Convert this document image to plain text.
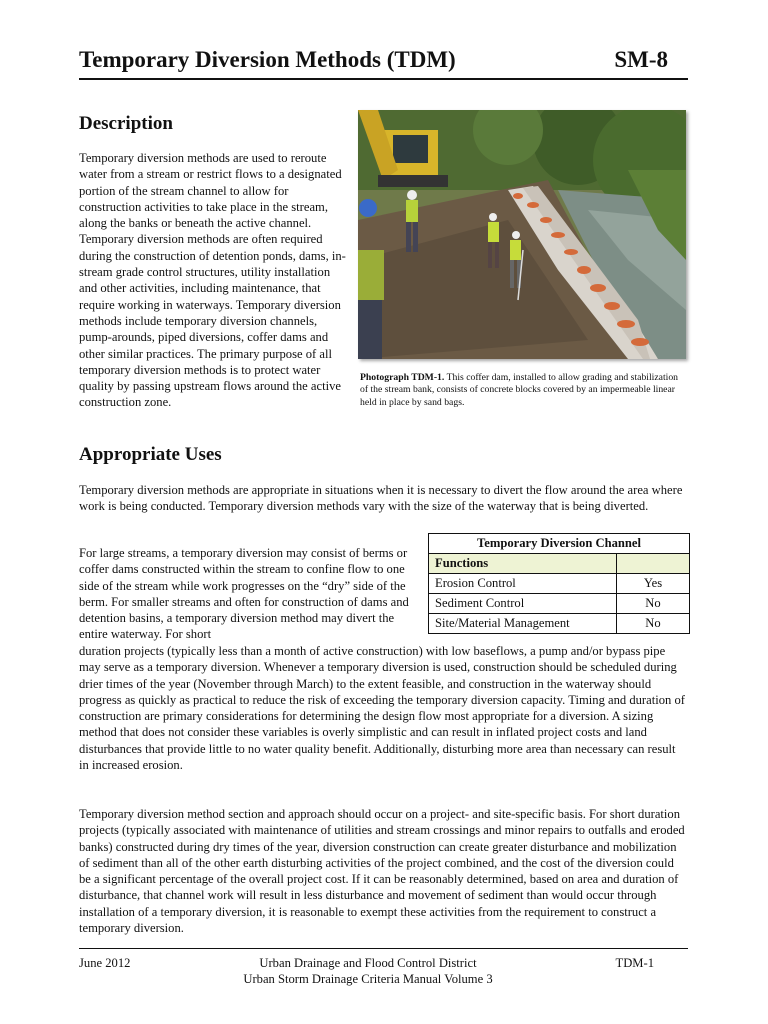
Temporary Diversion Methods (TDM)	SM-8
Description

Temporary diversion methods are used to reroute water from a stream or restrict flows to a designated portion of the stream channel to allow for construction activities to take place in the stream, along the banks or beneath the active channel. Temporary diversion methods are often required during the construction of detention ponds, dams, in-stream grade control structures, utility installation and other activities, including maintenance, that require working in waterways. Temporary diversion methods include temporary diversion channels, pump-arounds, piped diversions, coffer dams and other similar practices. The primary purpose of all temporary diversion methods is to protect water quality by passing upstream flows around the active construction zone.

Photograph TDM-1. This coffer dam, installed to allow grading and stabilization of the stream bank, consists of concrete blocks covered by an impermeable linear held in place by sand bags.
Appropriate Uses

Temporary diversion methods are appropriate in situations when it is necessary to divert the flow around the area where work is being conducted. Temporary diversion methods vary with the size of the waterway that is being diverted.

For large streams, a temporary diversion may consist of berms or coffer dams constructed within the stream to confine flow to one side of the stream while work progresses on the “dry” side of the berm. For smaller streams and often for construction of dams and detention basins, a temporary diversion method may divert the entire waterway. For short

duration projects (typically less than a month of active construction) with low baseflows, a pump and/or bypass pipe may serve as a temporary diversion. Whenever a temporary diversion is used, construction should be scheduled during drier times of the year (November through March) to the extent feasible, and construction in the waterway should progress as quickly as practical to reduce the risk of exceeding the temporary diversion capacity. Timing and duration of construction are primary considerations for determining the design flow most appropriate for a diversion. A sizing method that does not consider these variables is overly simplistic and can result in inflated project costs and land disturbances that provide little to no water quality benefit. Additionally, disturbing more area than necessary can result in increased erosion.

Temporary diversion method section and approach should occur on a project- and site-specific basis. For short duration projects (typically associated with maintenance of utilities and stream crossings and minor repairs to outfalls and eroded banks) constructed during dry times of the year, diversion construction can create greater disturbance and mobilization of sediment than all of the other earth disturbing activities of the project combined, and the cost of the diversion could be a significant percentage of the overall project cost. If it can be reasonably determined, based on area and duration of disturbance, that channel work will result in less disturbance and movement of sediment than would occur through installation of a temporary diversion, it is reasonable to exempt these activities from the requirement to construct a temporary diversion.

Temporary Diversion Channel	
Functions	
Erosion Control	Yes
Sediment Control	No
Site/Material Management	No
June 2012	Urban Drainage and Flood Control District
Urban Storm Drainage Criteria Manual Volume 3
TDM-1
